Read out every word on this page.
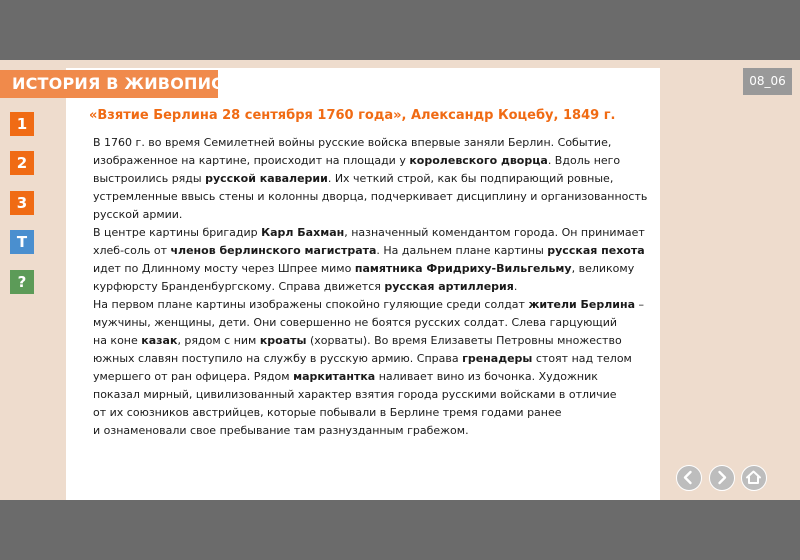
«Взятие Берлина 28 сентября 1760 года», Александр Коцебу, 1849 г.
В 1760 г. во время Семилетней войны русские войска впервые заняли Берлин. Событие,
изображенное на картине, происходит на площади у королевского дворца. Вдоль него
выстроились ряды русской кавалерии. Их четкий строй, как бы подпирающий ровные,
устремленные ввысь стены и колонны дворца, подчеркивает дисциплину и организованность
русской армии.
В центре картины бригадир Карл Бахман, назначенный комендантом города. Он принимает
хлеб-соль от членов берлинского магистрата. На дальнем плане картины русская пехота
идет по Длинному мосту через Шпрее мимо памятника Фридриху-Вильгельму, великому
курфюрсту Бранденбургскому. Справа движется русская артиллерия.
На первом плане картины изображены спокойно гуляющие среди солдат жители Берлина –
мужчины, женщины, дети. Они совершенно не боятся русских солдат. Слева гарцующий
на коне казак, рядом с ним кроаты (хорваты). Во время Елизаветы Петровны множество
южных славян поступило на службу в русскую армию. Справа гренадеры стоят над телом
умершего от ран офицера. Рядом маркитантка наливает вино из бочонка. Художник
показал мирный, цивилизованный характер взятия города русскими войсками в отличие
от их союзников австрийцев, которые побывали в Берлине тремя годами ранее
и ознаменовали свое пребывание там разнузданным грабежом.
ИСТОРИЯ В ЖИВОПИСИ	08_06
1
2
3
T
?
